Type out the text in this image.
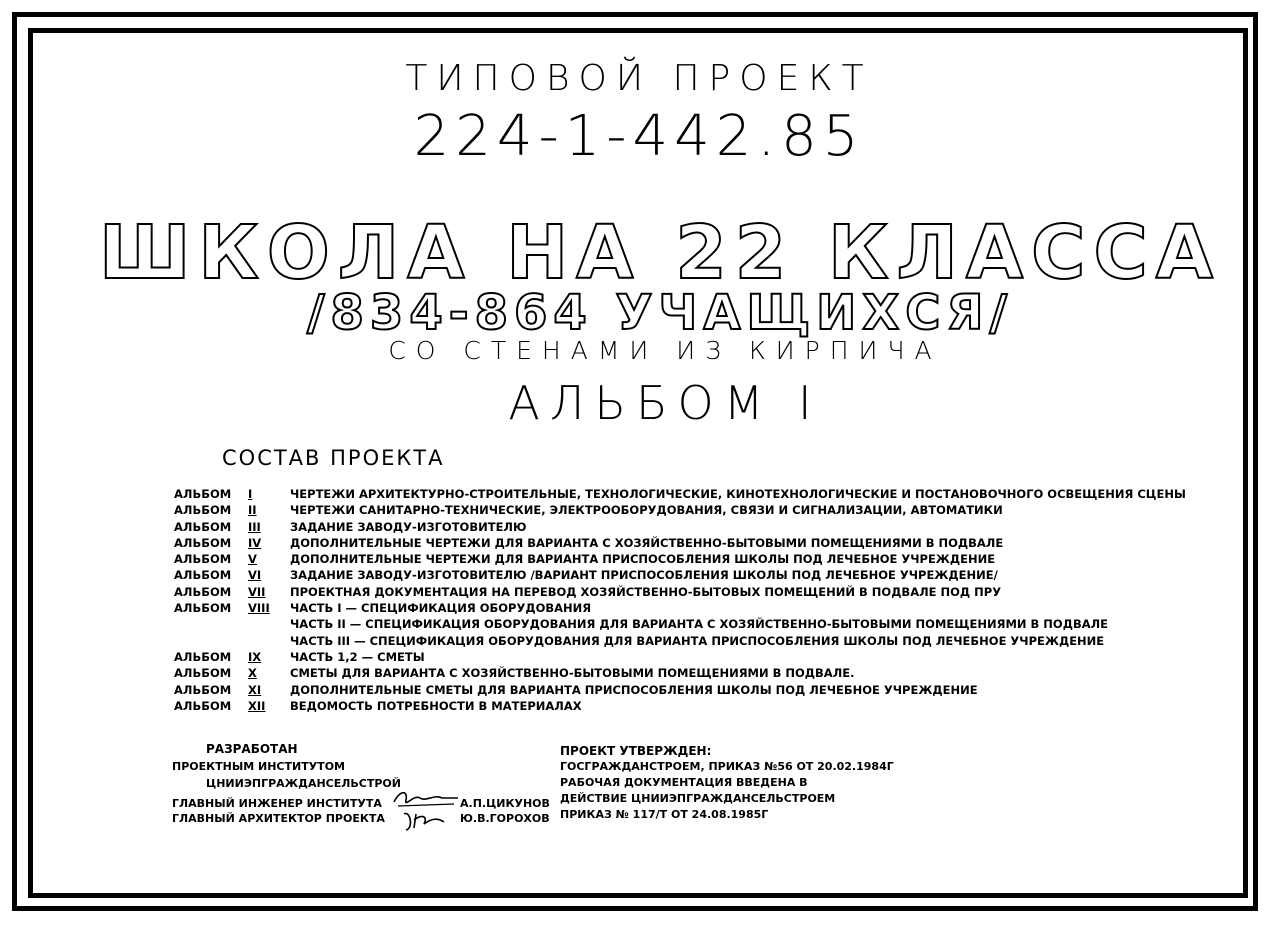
ТИПОВОЙ ПРОЕКТ
224-1-442.85
ШКОЛА НА 22 КЛАССА
/834-864 УЧАЩИХСЯ/
СО СТЕНАМИ ИЗ КИРПИЧА
АЛЬБОМ I
СОСТАВ ПРОЕКТА
АЛЬБОМ	I	ЧЕРТЕЖИ АРХИТЕКТУРНО-СТРОИТЕЛЬНЫЕ, ТЕХНОЛОГИЧЕСКИЕ, КИНОТЕХНОЛОГИЧЕСКИЕ И ПОСТАНОВОЧНОГО ОСВЕЩЕНИЯ СЦЕНЫ
АЛЬБОМ	II	ЧЕРТЕЖИ САНИТАРНО-ТЕХНИЧЕСКИЕ, ЭЛЕКТРООБОРУДОВАНИЯ, СВЯЗИ И СИГНАЛИЗАЦИИ, АВТОМАТИКИ
АЛЬБОМ	III	ЗАДАНИЕ ЗАВОДУ-ИЗГОТОВИТЕЛЮ
АЛЬБОМ	IV	ДОПОЛНИТЕЛЬНЫЕ ЧЕРТЕЖИ ДЛЯ ВАРИАНТА С ХОЗЯЙСТВЕННО-БЫТОВЫМИ ПОМЕЩЕНИЯМИ В ПОДВАЛЕ
АЛЬБОМ	V	ДОПОЛНИТЕЛЬНЫЕ ЧЕРТЕЖИ ДЛЯ ВАРИАНТА ПРИСПОСОБЛЕНИЯ ШКОЛЫ ПОД ЛЕЧЕБНОЕ УЧРЕЖДЕНИЕ
АЛЬБОМ	VI	ЗАДАНИЕ ЗАВОДУ-ИЗГОТОВИТЕЛЮ /ВАРИАНТ ПРИСПОСОБЛЕНИЯ ШКОЛЫ ПОД ЛЕЧЕБНОЕ УЧРЕЖДЕНИЕ/
АЛЬБОМ	VII ПРОЕКТНАЯ ДОКУМЕНТАЦИЯ НА ПЕРЕВОД ХОЗЯЙСТВЕННО-БЫТОВЫХ ПОМЕЩЕНИЙ В ПОДВАЛЕ ПОД ПРУ
АЛЬБОМ	VIII ЧАСТЬ I — СПЕЦИФИКАЦИЯ ОБОРУДОВАНИЯ
ЧАСТЬ II — СПЕЦИФИКАЦИЯ ОБОРУДОВАНИЯ ДЛЯ ВАРИАНТА С ХОЗЯЙСТВЕННО-БЫТОВЫМИ ПОМЕЩЕНИЯМИ В ПОДВАЛЕ
ЧАСТЬ III — СПЕЦИФИКАЦИЯ ОБОРУДОВАНИЯ ДЛЯ ВАРИАНТА ПРИСПОСОБЛЕНИЯ ШКОЛЫ ПОД ЛЕЧЕБНОЕ УЧРЕЖДЕНИЕ
АЛЬБОМ	IX	ЧАСТЬ 1,2 — СМЕТЫ
АЛЬБОМ	X	СМЕТЫ ДЛЯ ВАРИАНТА С ХОЗЯЙСТВЕННО-БЫТОВЫМИ ПОМЕЩЕНИЯМИ В ПОДВАЛЕ.
АЛЬБОМ	XI	ДОПОЛНИТЕЛЬНЫЕ СМЕТЫ ДЛЯ ВАРИАНТА ПРИСПОСОБЛЕНИЯ ШКОЛЫ ПОД ЛЕЧЕБНОЕ УЧРЕЖДЕНИЕ
АЛЬБОМ	XII ВЕДОМОСТЬ ПОТРЕБНОСТИ В МАТЕРИАЛАХ
РАЗРАБОТАН
ПРОЕКТНЫМ ИНСТИТУТОМ
ЦНИИЭПГРАЖДАНСЕЛЬСТРОЙ
ГЛАВНЫЙ ИНЖЕНЕР ИНСТИТУТА
ГЛАВНЫЙ АРХИТЕКТОР ПРОЕКТА
А.П.ЦИКУНОВ
Ю.В.ГОРОХОВ
ПРОЕКТ УТВЕРЖДЕН:
ГОСГРАЖДАНСТРОЕМ, ПРИКАЗ №56 ОТ 20.02.1984Г
РАБОЧАЯ ДОКУМЕНТАЦИЯ ВВЕДЕНА В
ДЕЙСТВИЕ ЦНИИЭПГРАЖДАНСЕЛЬСТРОЕМ
ПРИКАЗ № 117/Т ОТ 24.08.1985Г
